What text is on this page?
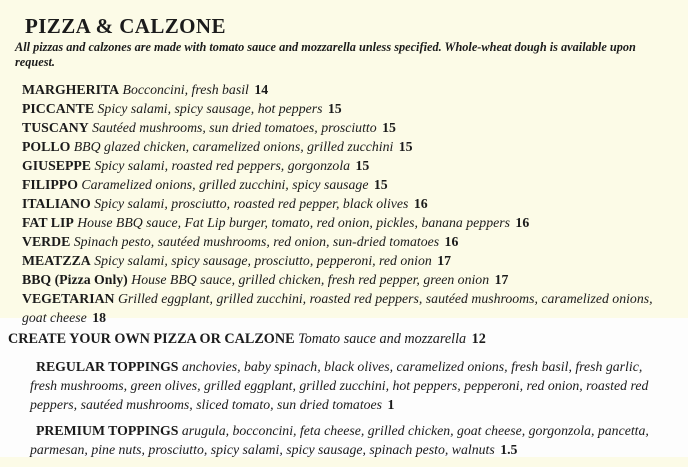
PIZZA & CALZONE

All pizzas and calzones are made with tomato sauce and mozzarella unless specified. Whole-wheat dough is available upon request.

MARGHERITA Bocconcini, fresh basil 14

PICCANTE Spicy salami, spicy sausage, hot peppers 15

TUSCANY Sautéed mushrooms, sun dried tomatoes, prosciutto 15

POLLO BBQ glazed chicken, caramelized onions, grilled zucchini 15

GIUSEPPE Spicy salami, roasted red peppers, gorgonzola 15

FILIPPO Caramelized onions, grilled zucchini, spicy sausage 15

ITALIANO Spicy salami, prosciutto, roasted red pepper, black olives 16

FAT LIP House BBQ sauce, Fat Lip burger, tomato, red onion, pickles, banana peppers 16

VERDE Spinach pesto, sautéed mushrooms, red onion, sun-dried tomatoes 16

MEATZZA Spicy salami, spicy sausage, prosciutto, pepperoni, red onion 17

BBQ (Pizza Only) House BBQ sauce, grilled chicken, fresh red pepper, green onion 17

VEGETARIAN Grilled eggplant, grilled zucchini, roasted red peppers, sautéed mushrooms, caramelized onions, goat cheese 18

CREATE YOUR OWN PIZZA OR CALZONE Tomato sauce and mozzarella 12

REGULAR TOPPINGS anchovies, baby spinach, black olives, caramelized onions, fresh basil, fresh garlic, fresh mushrooms, green olives, grilled eggplant, grilled zucchini, hot peppers, pepperoni, red onion, roasted red peppers, sautéed mushrooms, sliced tomato, sun dried tomatoes 1

PREMIUM TOPPINGS arugula, bocconcini, feta cheese, grilled chicken, goat cheese, gorgonzola, pancetta, parmesan, pine nuts, prosciutto, spicy salami, spicy sausage, spinach pesto, walnuts 1.5
